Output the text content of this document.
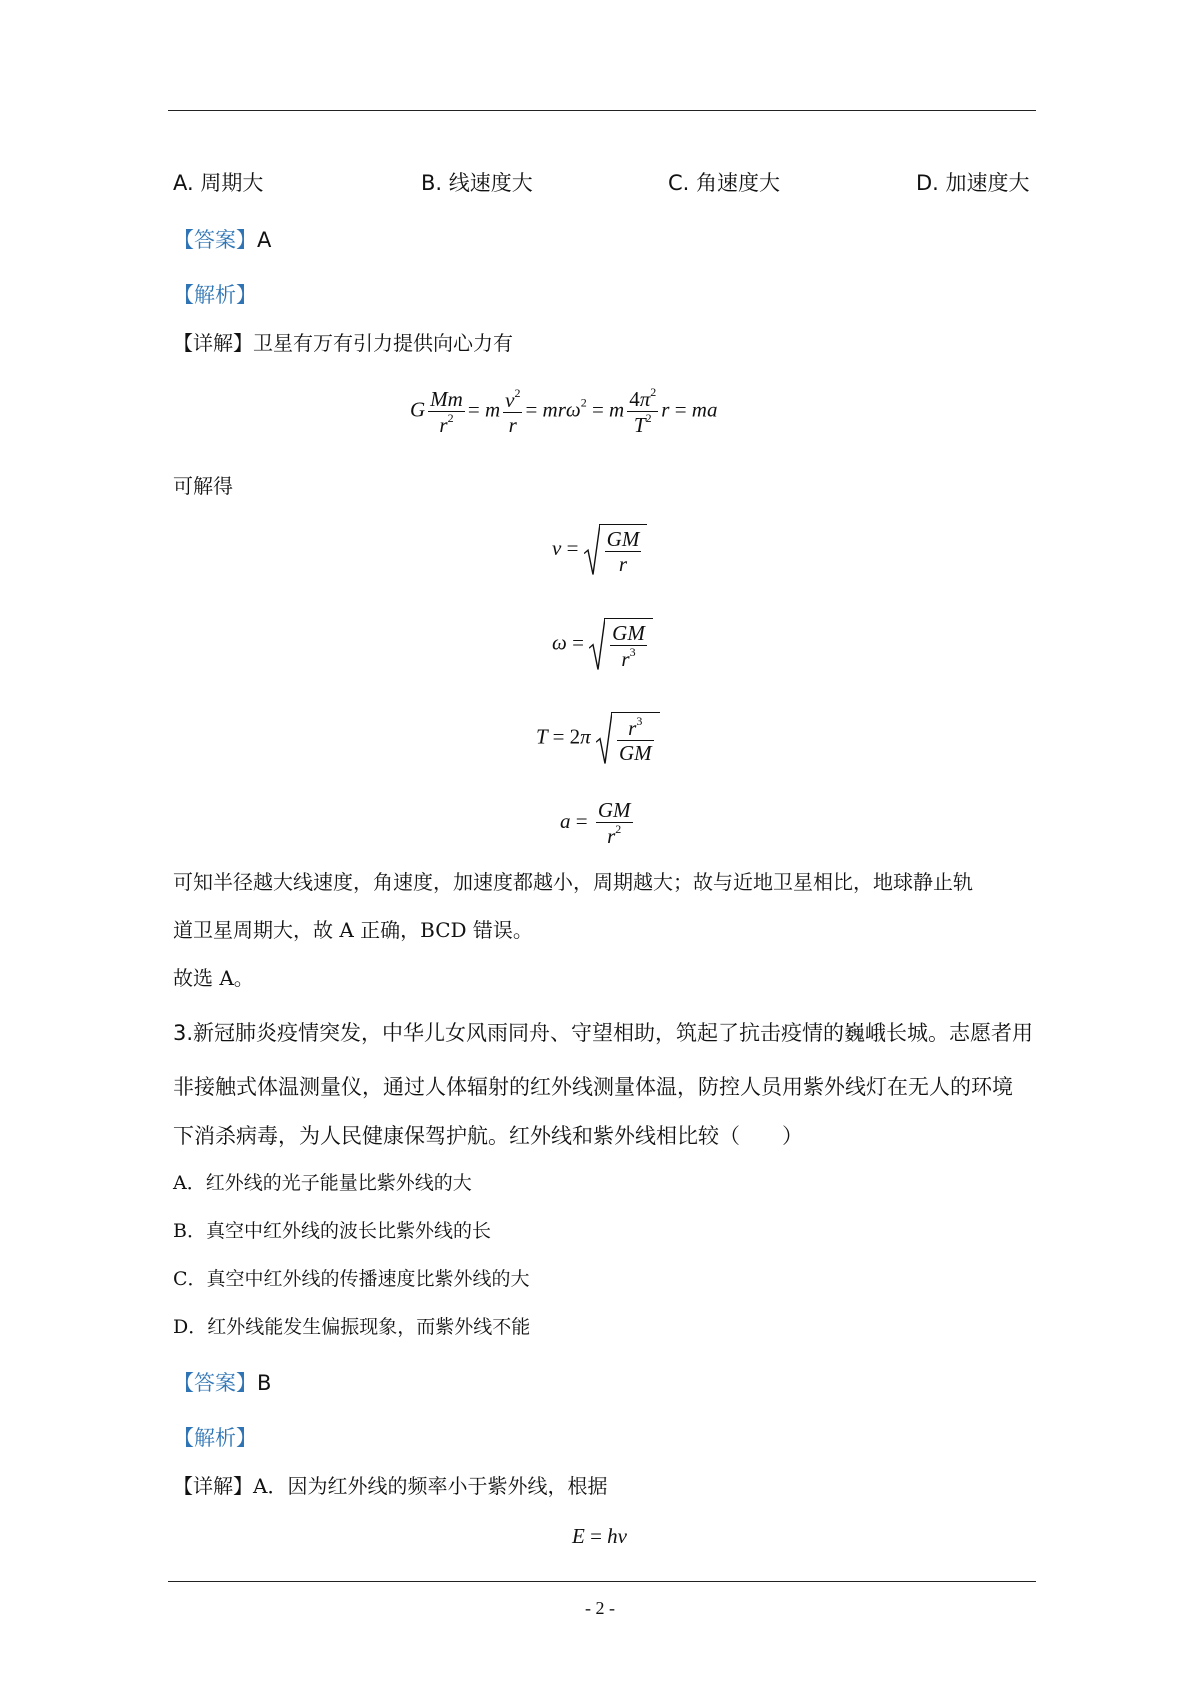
A. 周期大	B. 线速度大	C. 角速度大	D. 加速度大
【答案】A
【解析】
【详解】卫星有万有引力提供向心力有
G $\frac{Mm}{r^2} = m \frac{v^2}{r} = mr\omega^2 = m \frac{4\pi^2}{T^2}$ r = ma
可解得
$v = \frac{GM}{r}$
$\omega = \frac{GM}{r^3}$
$T = 2\pi \frac{r^3}{GM}$
$a = \frac{GM}{r^2}$
可知半径越大线速度，角速度，加速度都越小，周期越大；故与近地卫星相比，地球静止轨
道卫星周期大，故 A 正确，BCD 错误。
故选 A。
3.新冠肺炎疫情突发，中华儿女风雨同舟、守望相助，筑起了抗击疫情的巍峨长城。志愿者用
非接触式体温测量仪，通过人体辐射的红外线测量体温，防控人员用紫外线灯在无人的环境
下消杀病毒，为人民健康保驾护航。红外线和紫外线相比较（　　）
A．红外线的光子能量比紫外线的大
B．真空中红外线的波长比紫外线的长
C．真空中红外线的传播速度比紫外线的大
D．红外线能发生偏振现象，而紫外线不能
【答案】B
【解析】
【详解】A．因为红外线的频率小于紫外线，根据
E = hν
- 2 -
